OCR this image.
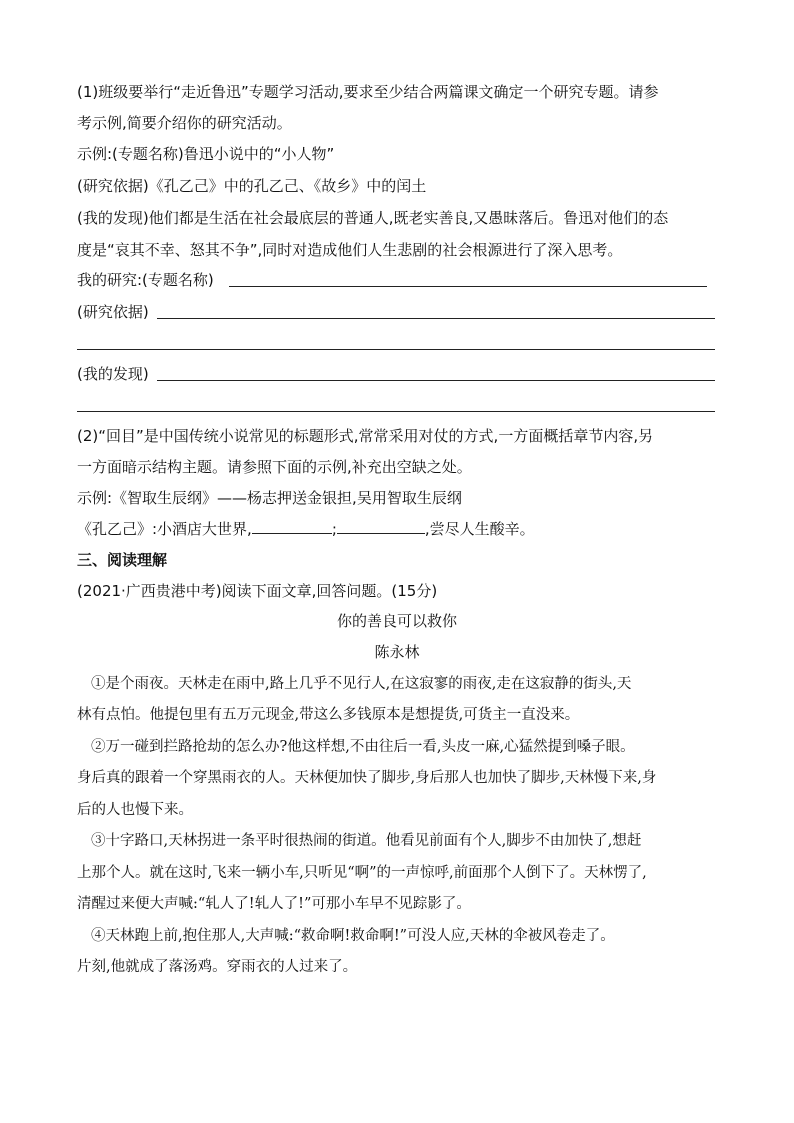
(1)班级要举行“走近鲁迅”专题学习活动,要求至少结合两篇课文确定一个研究专题。请参
考示例,简要介绍你的研究活动。
示例:(专题名称)鲁迅小说中的“小人物”
(研究依据)《孔乙己》中的孔乙己、《故乡》中的闰土
(我的发现)他们都是生活在社会最底层的普通人,既老实善良,又愚昧落后。鲁迅对他们的态
度是“哀其不幸、怒其不争”,同时对造成他们人生悲剧的社会根源进行了深入思考。
我的研究:(专题名称)
(研究依据)
(我的发现)
(2)“回目”是中国传统小说常见的标题形式,常常采用对仗的方式,一方面概括章节内容,另
一方面暗示结构主题。请参照下面的示例,补充出空缺之处。
示例:《智取生辰纲》——杨志押送金银担,吴用智取生辰纲
《孔乙己》:小酒店大世界,	;	,尝尽人生酸辛。
三、阅读理解
(2021·广西贵港中考)阅读下面文章,回答问题。(15分)
你的善良可以救你
陈永林
①是个雨夜。天林走在雨中,路上几乎不见行人,在这寂寥的雨夜,走在这寂静的街头,天
林有点怕。他提包里有五万元现金,带这么多钱原本是想提货,可货主一直没来。
②万一碰到拦路抢劫的怎么办?他这样想,不由往后一看,头皮一麻,心猛然提到嗓子眼。
身后真的跟着一个穿黑雨衣的人。天林便加快了脚步,身后那人也加快了脚步,天林慢下来,身
后的人也慢下来。
③十字路口,天林拐进一条平时很热闹的街道。他看见前面有个人,脚步不由加快了,想赶
上那个人。就在这时,飞来一辆小车,只听见“啊”的一声惊呼,前面那个人倒下了。天林愣了,
清醒过来便大声喊:“轧人了!轧人了!”可那小车早不见踪影了。
④天林跑上前,抱住那人,大声喊:“救命啊!救命啊!”可没人应,天林的伞被风卷走了。
片刻,他就成了落汤鸡。穿雨衣的人过来了。
